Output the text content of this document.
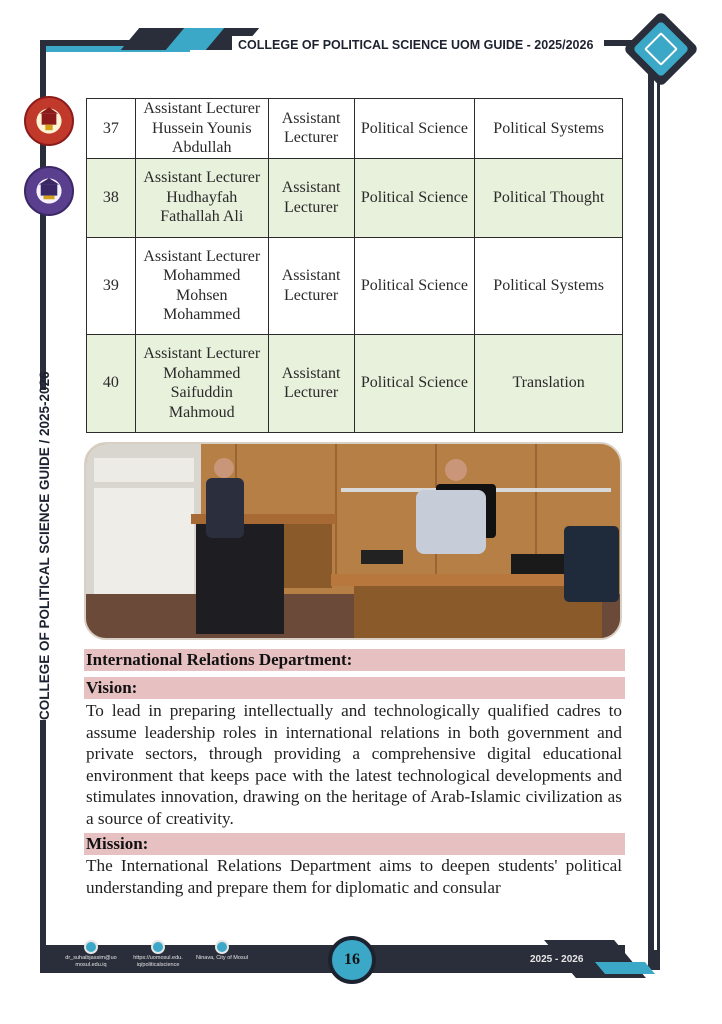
COLLEGE OF POLITICAL SCIENCE UOM GUIDE - 2025/2026
COLLEGE OF POLITICAL SCIENCE GUIDE / 2025-2026
37	Assistant Lecturer Hussein Younis Abdullah	Assistant Lecturer	Political Science	Political Systems
38	Assistant Lecturer Hudhayfah Fathallah Ali	Assistant Lecturer	Political Science	Political Thought
39	Assistant Lecturer Mohammed Mohsen Mohammed	Assistant Lecturer	Political Science	Political Systems
40	Assistant Lecturer Mohammed Saifuddin Mahmoud	Assistant Lecturer	Political Science	Translation
International Relations Department:
Vision:
To lead in preparing intellectually and technologically qualified cadres to assume leadership roles in international relations in both government and private sectors, through providing a comprehensive digital educational environment that keeps pace with the latest technological developments and stimulates innovation, drawing on the heritage of Arab-Islamic civilization as a source of creativity.
Mission:
The International Relations Department aims to deepen students' political understanding and prepare them for diplomatic and consular
dr_suhaibjassim@uo mosul.edu.iq
https://uomosul.edu. iq/politicalscience
Ninava, City of Mosul	16	2025 - 2026
